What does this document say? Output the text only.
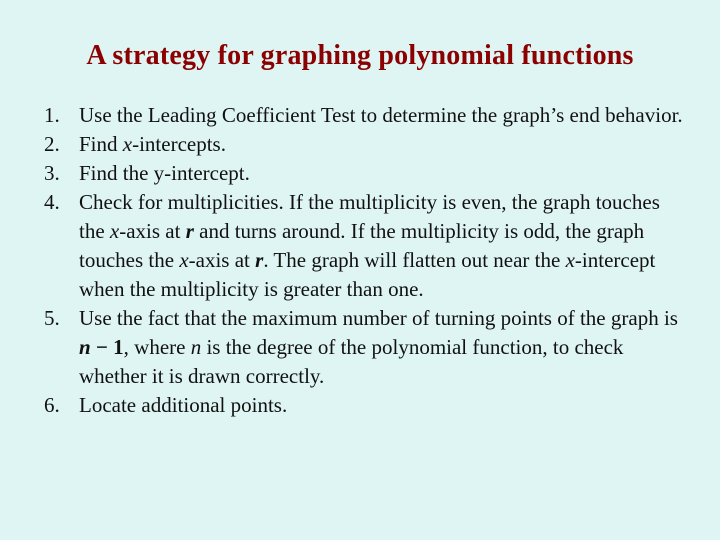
A strategy for graphing polynomial functions
1. Use the Leading Coefficient Test to determine the graph’s end behavior.
2. Find x-intercepts.
3. Find the y-intercept.
4. Check for multiplicities. If the multiplicity is even, the graph touches the x-axis at r and turns around. If the multiplicity is odd, the graph touches the x-axis at r. The graph will flatten out near the x-intercept when the multiplicity is greater than one.
5. Use the fact that the maximum number of turning points of the graph is n − 1, where n is the degree of the polynomial function, to check whether it is drawn correctly.
6. Locate additional points.
